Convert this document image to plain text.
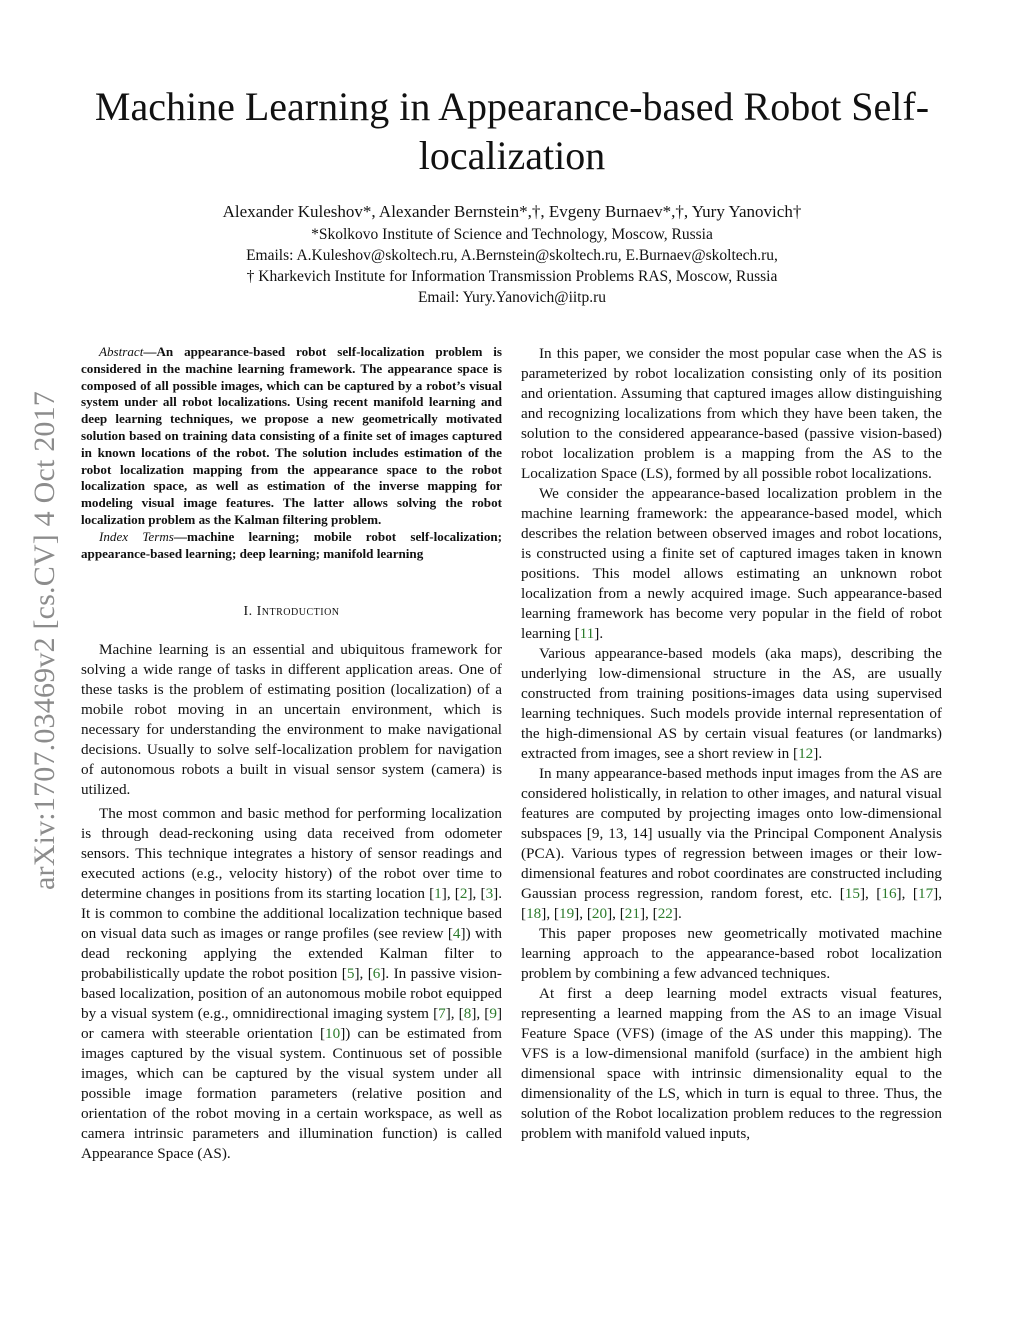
arXiv:1707.03469v2 [cs.CV] 4 Oct 2017
Machine Learning in Appearance-based Robot Self-localization
Alexander Kuleshov*, Alexander Bernstein*,†, Evgeny Burnaev*,†, Yury Yanovich†
*Skolkovo Institute of Science and Technology, Moscow, Russia
Emails: A.Kuleshov@skoltech.ru, A.Bernstein@skoltech.ru, E.Burnaev@skoltech.ru,
† Kharkevich Institute for Information Transmission Problems RAS, Moscow, Russia
Email: Yury.Yanovich@iitp.ru

Abstract—An appearance-based robot self-localization problem is considered in the machine learning framework. The appearance space is composed of all possible images, which can be captured by a robot’s visual system under all robot localizations. Using recent manifold learning and deep learning techniques, we propose a new geometrically motivated solution based on training data consisting of a finite set of images captured in known locations of the robot. The solution includes estimation of the robot localization mapping from the appearance space to the robot localization space, as well as estimation of the inverse mapping for modeling visual image features. The latter allows solving the robot localization problem as the Kalman filtering problem.

Index Terms—machine learning; mobile robot self-localization; appearance-based learning; deep learning; manifold learning

I. Introduction

Machine learning is an essential and ubiquitous framework for solving a wide range of tasks in different application areas. One of these tasks is the problem of estimating position (localization) of a mobile robot moving in an uncertain environment, which is necessary for understanding the environment to make navigational decisions. Usually to solve self-localization problem for navigation of autonomous robots a built in visual sensor system (camera) is utilized.

The most common and basic method for performing localization is through dead-reckoning using data received from odometer sensors. This technique integrates a history of sensor readings and executed actions (e.g., velocity history) of the robot over time to determine changes in positions from its starting location [ 1 ] , [ 2 ] , [ 3 ] . It is common to combine the additional localization technique based on visual data such as images or range profiles (see review [ 4 ] ) with dead reckoning applying the extended Kalman filter to probabilistically update the robot position [ 5 ] , [ 6 ] . In passive vision-based localization, position of an autonomous mobile robot equipped by a visual system (e.g., omnidirectional imaging system [ 7 ] , [ 8 ] , [ 9 ] or camera with steerable orientation [ 10 ] ) can be estimated from images captured by the visual system. Continuous set of possible images, which can be captured by the visual system under all possible image formation parameters (relative position and orientation of the robot moving in a certain workspace, as well as camera intrinsic parameters and illumination function) is called Appearance Space (AS).

In this paper, we consider the most popular case when the AS is parameterized by robot localization consisting only of its position and orientation. Assuming that captured images allow distinguishing and recognizing localizations from which they have been taken, the solution to the considered appearance-based (passive vision-based) robot localization problem is a mapping from the AS to the Localization Space (LS), formed by all possible robot localizations.

We consider the appearance-based localization problem in the machine learning framework: the appearance-based model, which describes the relation between observed images and robot locations, is constructed using a finite set of captured images taken in known positions. This model allows estimating an unknown robot localization from a newly acquired image. Such appearance-based learning framework has become very popular in the field of robot learning [ 11 ] .

Various appearance-based models (aka maps), describing the underlying low-dimensional structure in the AS, are usually constructed from training positions-images data using supervised learning techniques. Such models provide internal representation of the high-dimensional AS by certain visual features (or landmarks) extracted from images, see a short review in [ 12 ] .

In many appearance-based methods input images from the AS are considered holistically, in relation to other images, and natural visual features are computed by projecting images onto low-dimensional subspaces [9, 13, 14] usually via the Principal Component Analysis (PCA). Various types of regression between images or their low-dimensional features and robot coordinates are constructed including Gaussian process regression, random forest, etc. [ 15 ] , [ 16 ] , [ 17 ] , [ 18 ] , [ 19 ] , [ 20 ] , [ 21 ] , [ 22 ] .

This paper proposes new geometrically motivated machine learning approach to the appearance-based robot localization problem by combining a few advanced techniques.

At first a deep learning model extracts visual features, representing a learned mapping from the AS to an image Visual Feature Space (VFS) (image of the AS under this mapping). The VFS is a low-dimensional manifold (surface) in the ambient high dimensional space with intrinsic dimensionality equal to the dimensionality of the LS, which in turn is equal to three. Thus, the solution of the Robot localization problem reduces to the regression problem with manifold valued inputs,
